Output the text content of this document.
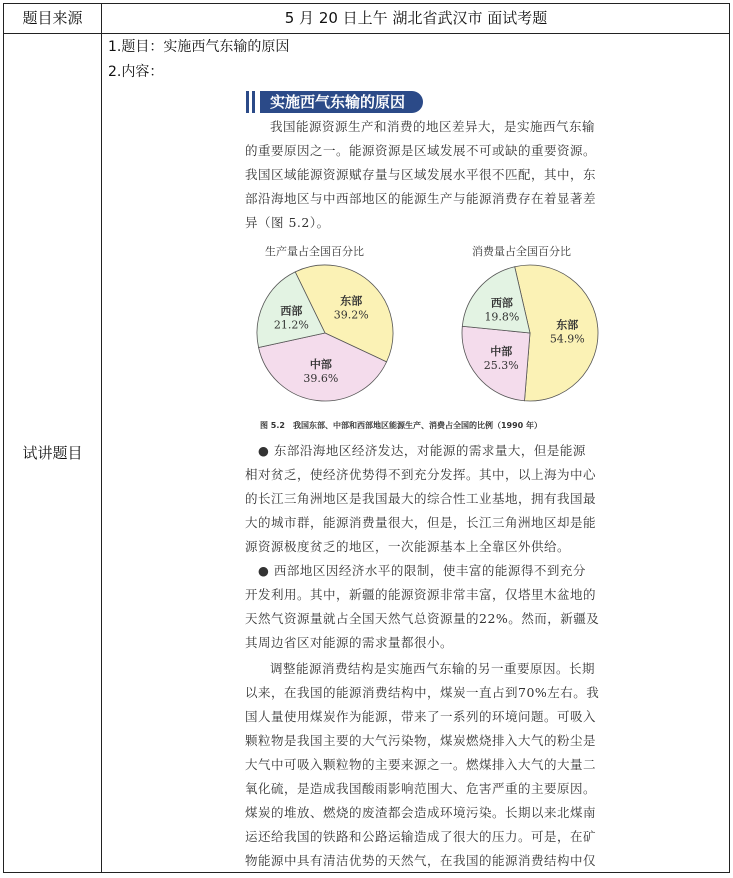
题目来源	5 月 20 日上午 湖北省武汉市 面试考题
试讲题目
1.题目：实施西气东输的原因
2.内容：
实施西气东输的原因
我国能源资源生产和消费的地区差异大，是实施西气东输
的重要原因之一。能源资源是区域发展不可或缺的重要资源。
我国区域能源资源赋存量与区域发展水平很不匹配，其中，东
部沿海地区与中西部地区的能源生产与能源消费存在着显著差
异（图 5.2）。
生产量占全国百分比	消费量占全国百分比
东部
39.2%
中部
39.6%
西部
21.2%	东部
54.9%
中部
25.3%
西部
19.8%
图 5.2　我国东部、中部和西部地区能源生产、消费占全国的比例（1990 年）
● 东部沿海地区经济发达，对能源的需求量大，但是能源
相对贫乏，使经济优势得不到充分发挥。其中，以上海为中心
的长江三角洲地区是我国最大的综合性工业基地，拥有我国最
大的城市群，能源消费量很大，但是，长江三角洲地区却是能
源资源极度贫乏的地区，一次能源基本上全靠区外供给。
● 西部地区因经济水平的限制，使丰富的能源得不到充分
开发利用。其中，新疆的能源资源非常丰富，仅塔里木盆地的
天然气资源量就占全国天然气总资源量的22%。然而，新疆及
其周边省区对能源的需求量都很小。
调整能源消费结构是实施西气东输的另一重要原因。长期
以来，在我国的能源消费结构中，煤炭一直占到70%左右。我
国人量使用煤炭作为能源，带来了一系列的环境问题。可吸入
颗粒物是我国主要的大气污染物，煤炭燃烧排入大气的粉尘是
大气中可吸入颗粒物的主要来源之一。燃煤排入大气的大量二
氧化硫，是造成我国酸雨影响范围大、危害严重的主要原因。
煤炭的堆放、燃烧的废渣都会造成环境污染。长期以来北煤南
运还给我国的铁路和公路运输造成了很大的压力。可是，在矿
物能源中具有清洁优势的天然气，在我国的能源消费结构中仅
